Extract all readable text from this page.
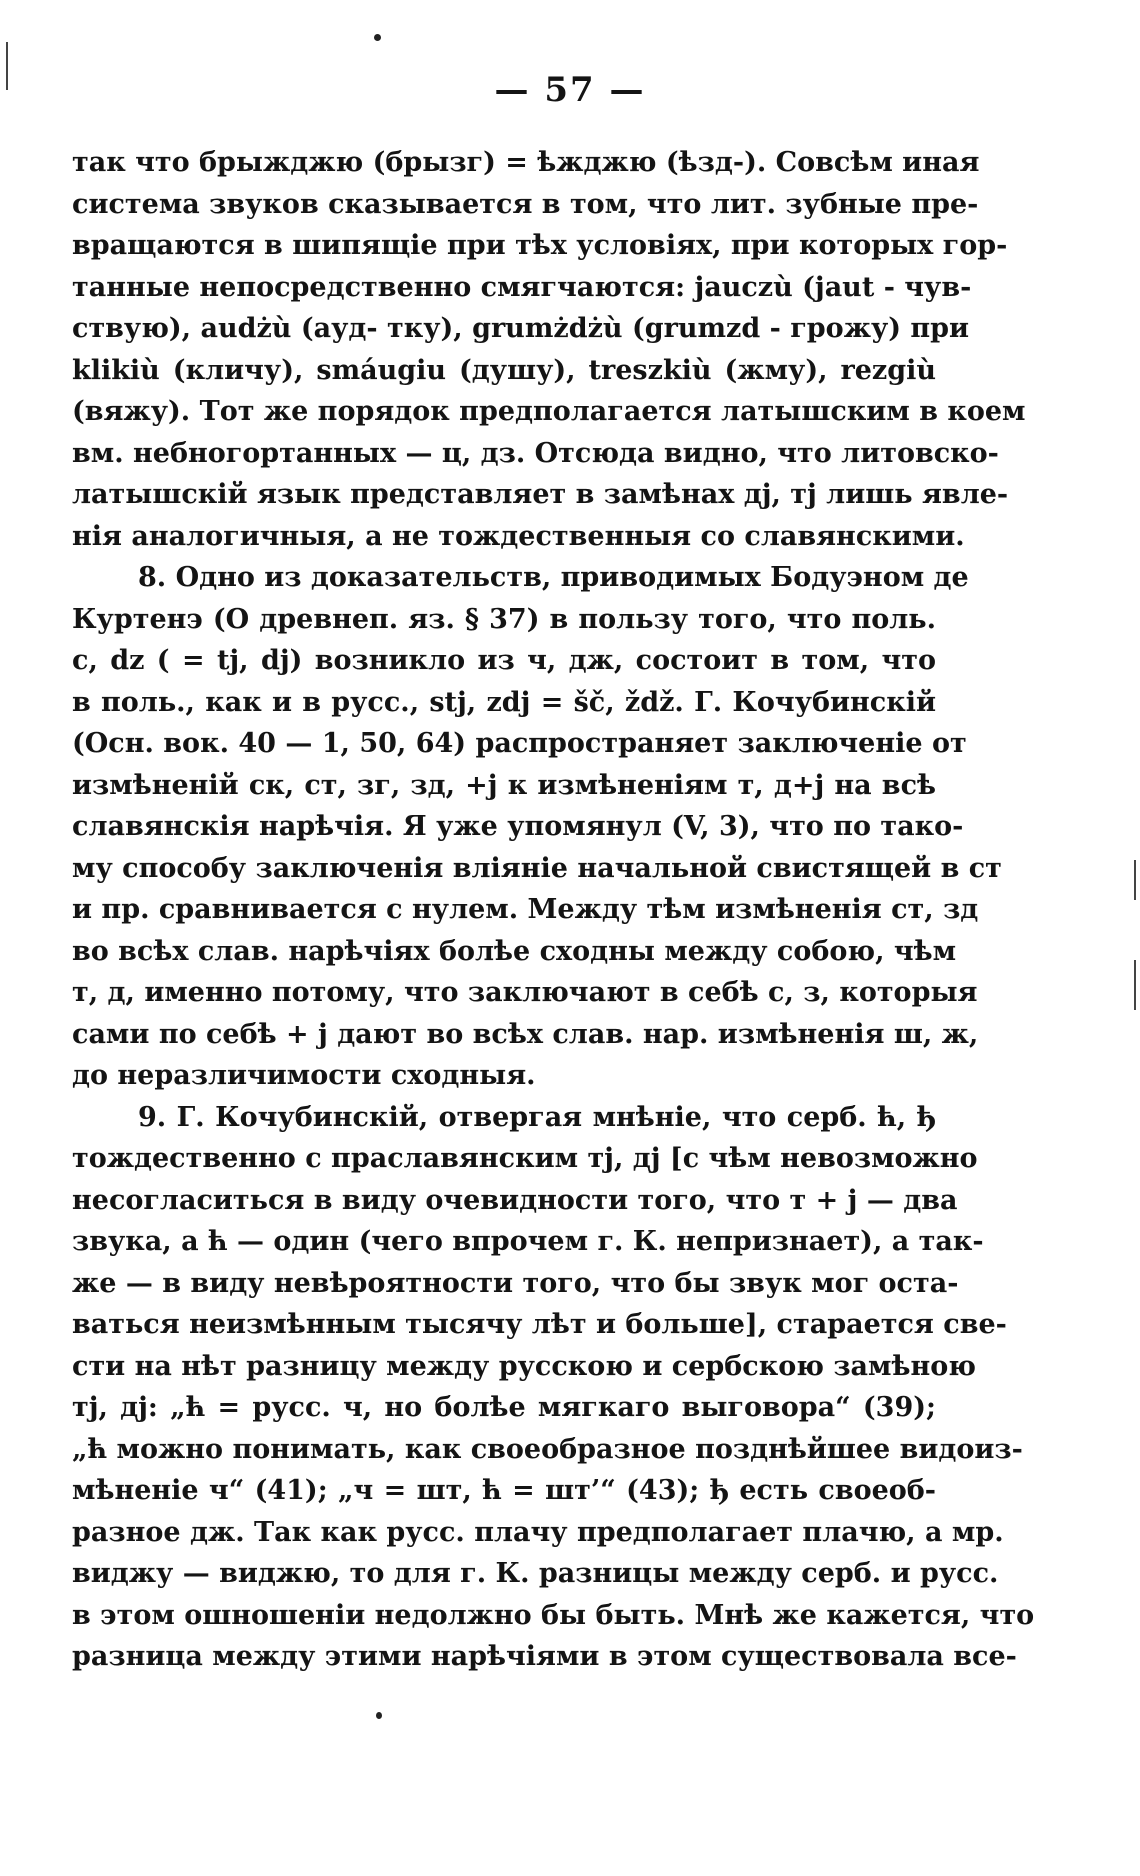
— 57 —
так что брыжджю (брызг) = ѣжджю (ѣзд-). Совсѣм иная
система звуков сказывается в том, что лит. зубные пре-
вращаются в шипящіе при тѣх условіях, при которых гор-
танные непосредственно смягчаются: jauczù (jaut - чув-
ствую), audżù (ауд- тку), grumżdżù (grumzd - грожу) при
klikiù (кличу), smáugiu (душу), treszkiù (жму), rezgiù
(вяжу). Тот же порядок предполагается латышским в коем
вм. небногортанных — ц, дз. Отсюда видно, что литовско-
латышскій язык представляет в замѣнах дj, тj лишь явле-
нія аналогичныя, а не тождественныя со славянскими.
8. Одно из доказательств, приводимых Бодуэном де
Куртенэ (О древнеп. яз. § 37) в пользу того, что поль.
c, dz ( = tj, dj) возникло из ч, дж, состоит в том, что
в поль., как и в русс., stj, zdj = šč, ždž. Г. Кочубинскій
(Осн. вок. 40 — 1, 50, 64) распространяет заключеніе от
измѣненій ск, ст, зг, зд, +j к измѣненіям т, д+j на всѣ
славянскія нарѣчія. Я уже упомянул (V, 3), что по тако-
му способу заключенія вліяніе начальной свистящей в ст
и пр. сравнивается с нулем. Между тѣм измѣненія ст, зд
во всѣх слав. нарѣчіях болѣе сходны между собою, чѣм
т, д, именно потому, что заключают в себѣ с, з, которыя
сами по себѣ + j дают во всѣх слав. нар. измѣненія ш, ж,
до неразличимости сходныя.
9. Г. Кочубинскій, отвергая мнѣніе, что серб. ћ, ђ
тождественно с праславянским тj, дj [с чѣм невозможно
несогласиться в виду очевидности того, что т + j — два
звука, а ћ — один (чего впрочем г. К. непризнает), а так-
же — в виду невѣроятности того, что бы звук мог оста-
ваться неизмѣнным тысячу лѣт и больше], старается све-
сти на нѣт разницу между русскою и сербскою замѣною
тj, дj: „ћ = русс. ч, но болѣе мягкаго выговора“ (39);
„ћ можно понимать, как своеобразное позднѣйшее видоиз-
мѣненіе ч“ (41); „ч = шт, ћ = шт’“ (43); ђ есть своеоб-
разное дж. Так как русс. плачу предполагает плачю, а мр.
виджу — виджю, то для г. К. разницы между серб. и русс.
в этом ошношеніи недолжно бы быть. Мнѣ же кажется, что
разница между этими нарѣчіями в этом существовала все-
